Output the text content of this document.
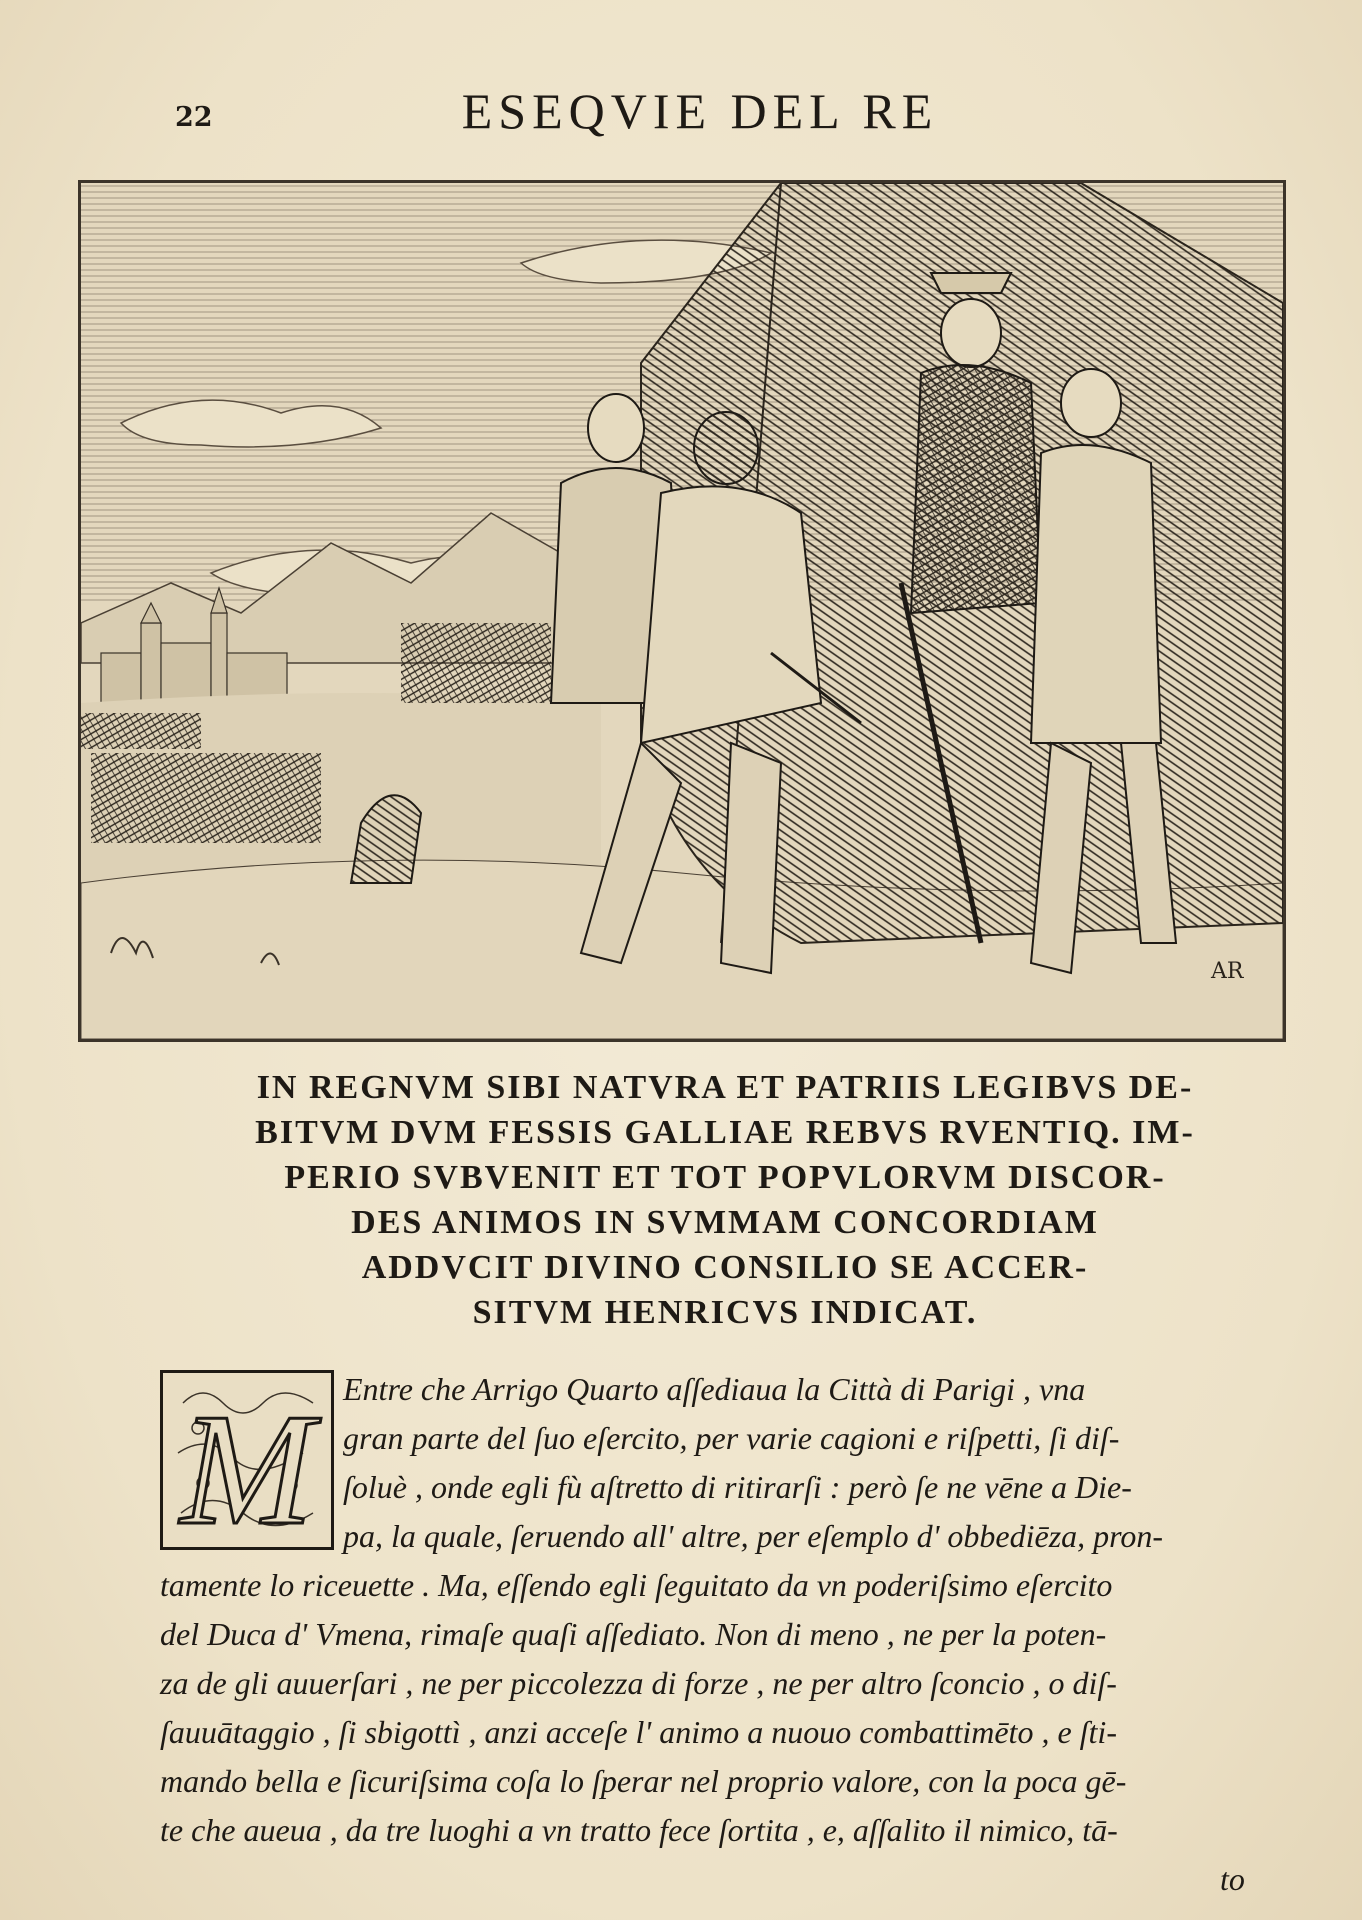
22	ESEQVIE DEL RE
AR

IN REGNVM SIBI NATVRA ET PATRIIS LEGIBVS DE-
BITVM DVM FESSIS GALLIAE REBVS RVENTIQ. IM-
PERIO SVBVENIT ET TOT POPVLORVM DISCOR-
DES ANIMOS IN SVMMAM CONCORDIAM
ADDVCIT DIVINO CONSILIO SE ACCER-
SITVM HENRICVS INDICAT.

M Entre che Arrigo Quarto aſſediaua la Città di Parigi , vna
gran parte del ſuo eſercito, per varie cagioni e riſpetti, ſi diſ-
ſoluè , onde egli fù aſtretto di ritirarſi : però ſe ne vēne a Die-
pa, la quale, ſeruendo all' altre, per eſemplo d' obbediēza, pron-
tamente lo riceuette . Ma, eſſendo egli ſeguitato da vn poderiſsimo eſercito
del Duca d' Vmena, rimaſe quaſi aſſediato. Non di meno , ne per la poten-
za de gli auuerſari , ne per piccolezza di forze , ne per altro ſconcio , o diſ-
ſauuātaggio , ſi sbigottì , anzi acceſe l' animo a nuouo combattimēto , e ſti-
mando bella e ſicuriſsima coſa lo ſperar nel proprio valore, con la poca gē-
te che aueua , da tre luoghi a vn tratto fece ſortita , e, aſſalito il nimico, tā-
to
